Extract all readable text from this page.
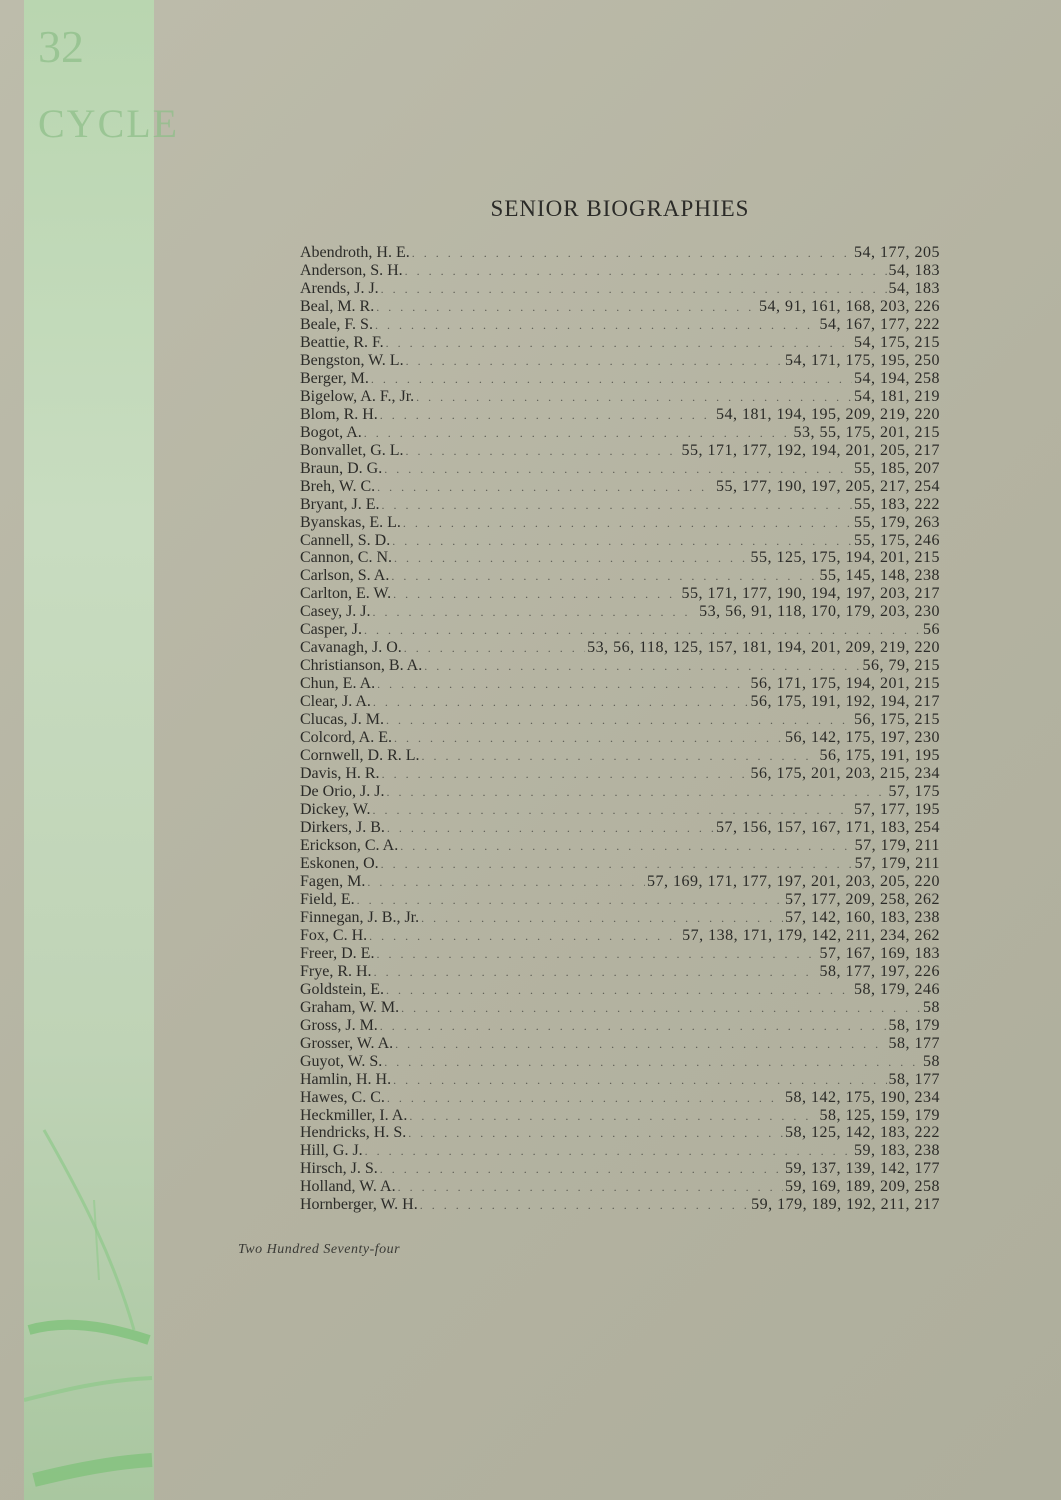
32
CYCLE
SENIOR BIOGRAPHIES
Abendroth, H. E. . . .	54, 177, 205
Anderson, S. H. . . .	54, 183
Arends, J. J. . . .	54, 183
Beal, M. R. . . .	54, 91, 161, 168, 203, 226
Beale, F. S. . . .	54, 167, 177, 222
Beattie, R. F. . . .	54, 175, 215
Bengston, W. L. . . .	54, 171, 175, 195, 250
Berger, M. . . .	54, 194, 258
Bigelow, A. F., Jr. . . .	54, 181, 219
Blom, R. H. . . .	54, 181, 194, 195, 209, 219, 220
Bogot, A. . . .	53, 55, 175, 201, 215
Bonvallet, G. L. . . .	55, 171, 177, 192, 194, 201, 205, 217
Braun, D. G. . . .	55, 185, 207
Breh, W. C. . . .	55, 177, 190, 197, 205, 217, 254
Bryant, J. E. . . .	55, 183, 222
Byanskas, E. L. . . .	55, 179, 263
Cannell, S. D. . . .	55, 175, 246
Cannon, C. N. . . .	55, 125, 175, 194, 201, 215
Carlson, S. A. . . .	55, 145, 148, 238
Carlton, E. W. . . .	55, 171, 177, 190, 194, 197, 203, 217
Casey, J. J. . . .	53, 56, 91, 118, 170, 179, 203, 230
Casper, J. . . .	56
Cavanagh, J. O. . . .	53, 56, 118, 125, 157, 181, 194, 201, 209, 219, 220
Christianson, B. A. . . .	56, 79, 215
Chun, E. A. . . .	56, 171, 175, 194, 201, 215
Clear, J. A. . . .	56, 175, 191, 192, 194, 217
Clucas, J. M. . . .	56, 175, 215
Colcord, A. E. . . .	56, 142, 175, 197, 230
Cornwell, D. R. L. . . .	56, 175, 191, 195
Davis, H. R. . . .	56, 175, 201, 203, 215, 234
De Orio, J. J. . . .	57, 175
Dickey, W. . . .	57, 177, 195
Dirkers, J. B. . . .	57, 156, 157, 167, 171, 183, 254
Erickson, C. A. . . .	57, 179, 211
Eskonen, O. . . .	57, 179, 211
Fagen, M. . . .	57, 169, 171, 177, 197, 201, 203, 205, 220
Field, E. . . .	57, 177, 209, 258, 262
Finnegan, J. B., Jr. . . .	57, 142, 160, 183, 238
Fox, C. H. . . .	57, 138, 171, 179, 142, 211, 234, 262
Freer, D. E. . . .	57, 167, 169, 183
Frye, R. H. . . .	58, 177, 197, 226
Goldstein, E. . . .	58, 179, 246
Graham, W. M. . . .	58
Gross, J. M. . . .	58, 179
Grosser, W. A. . . .	58, 177
Guyot, W. S. . . .	58
Hamlin, H. H. . . .	58, 177
Hawes, C. C. . . .	58, 142, 175, 190, 234
Heckmiller, I. A. . . .	58, 125, 159, 179
Hendricks, H. S. . . .	58, 125, 142, 183, 222
Hill, G. J. . . .	59, 183, 238
Hirsch, J. S. . . .	59, 137, 139, 142, 177
Holland, W. A. . . .	59, 169, 189, 209, 258
Hornberger, W. H. . . .	59, 179, 189, 192, 211, 217
Two Hundred Seventy-four
